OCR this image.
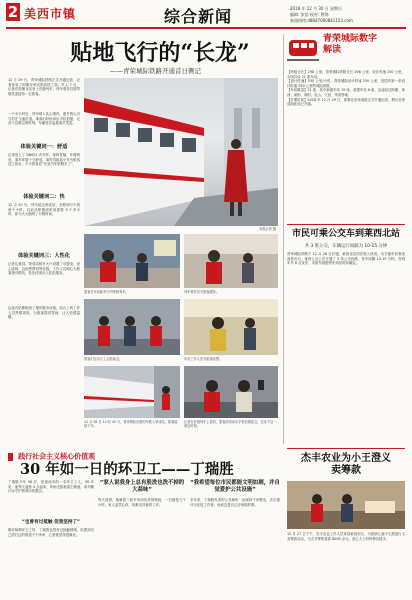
2 美西市镇	综合新闻	2018 年 12 月 30 日 星期日
编辑: 张信 校对: 曾锦
新闻热线:d8847000841153.com
贴地飞行的“长龙”
——青荣城际铁路开通首日侧记
12 月 29 日，青荣城际铁路正式开通运营，记者体验了即墨至荣成的高铁之旅。早上 7 点，记者在即墨北站登上首趟列车，列车乘务员面带微笑迎接每一位旅客。
一个半小时后，列车驶入乳山境内，窗外的山川与村庄飞速后退。乘客们纷纷拿出手机拍照，记录下这难忘的时刻，车厢里洋溢着欢声笑语。
体验关键词一：舒适
记者登上了 D6001 次列车，座椅宽敞，车窗明亮，乘车环境十分舒适。乘务员推着小车为旅客送上热水，不少旅客说“比坐汽车舒服多了”。
体验关键词二：快
12 点 20 分，列车抵达荣成站，全程用时不到两个小时。以前从即墨到荣成需要 5 个多小时，如今大大缩短了行程时间。
体验关键词三：人性化
记者注意到，荣成站候车大厅设置了母婴室、爱心座椅、自助售票机等设施，工作人员耐心为旅客指引路线，处处体现出人性化服务。
沿途各站都配备了便民服务设施，站台上的工作人员热情周到，为旅客提供帮助，让人倍感温暖。
本报记者 摄
旅客在车站候车厅内等候乘车。	列车乘务员为旅客服务。
旅客们在站台上合影留念。	车站工作人员为旅客检票。
12 月 28 日 12 时 45 分，青荣城际首趟列车驶入荣成站，旅客陆续下车。
记者在首趟列车上看到，旅客纷纷拿出手机拍照留念，记录下这一难忘时刻。
青荣城际数字解读
【两组全长】298 公里，青荣城际铁路全长 298 公里，设计时速 250 公里，全线共设 21 座车站。
【设计时速】250 公里/小时，青荣城际设计时速 250 公里，是国内第一条设计时速 250 公里的城际铁路。
【车站数量】21 座，其中新建车站 15 座，改建车站 6 座，沿途经过即墨、莱西、莱阳、海阳、乳山、文登、荣成等地。
【开通时间】2018 年 12 月 29 日，即墨北至荣成段正式开通运营，烟台至荣成段此前已开通。
市民可乘公交车到莱西北站
共 3 班公交，车辆运行间隔为 10-15 分钟
青荣城际铁路于 12 月 28 日开通，莱西北站同步投入使用。为方便市民乘坐高铁出行，莱西公交公司开通了 3 条公交线路，发车间隔 10-15 分钟，首班车早 6 点发车，末班车根据列车到站时间确定。
践行社会主义核心价值观
30 年如一日的环卫工——丁瑞胜
丁瑞胜今年 58 岁，是莱西市的一名环卫工人，30 年来，他每天凌晨 4 点起床，风雨无阻地清扫街道，用辛勤汗水守护着城市的整洁。
“也曾有过抵触 但我坚持了”
刚开始做环卫工时，丁瑞胜也曾有过抵触情绪，但看到自己清扫过的街道干干净净，心里就觉得很满足。
“家人说我身上总有股洗也洗不掉的大蒜味”
每天清晨，他骑着三轮车来到负责的路段，一扫就是几个小时。家人虽然心疼，但都支持他的工作。
“我希望每位市民都能文明如厕，并自觉爱护公共设施”
多年来，丁瑞胜负责的公共厕所一直保持干净整洁，多次被评为先进工作者，他说这是自己应该做的事。
杰丰农业为小王澄义卖筹款
12 月 27 日下午，杰丰农业工作人员来到莱西市区，为患病儿童小王澄进行义卖筹款活动，当天共筹集善款 8000 余元，爱心人士纷纷伸出援手。
